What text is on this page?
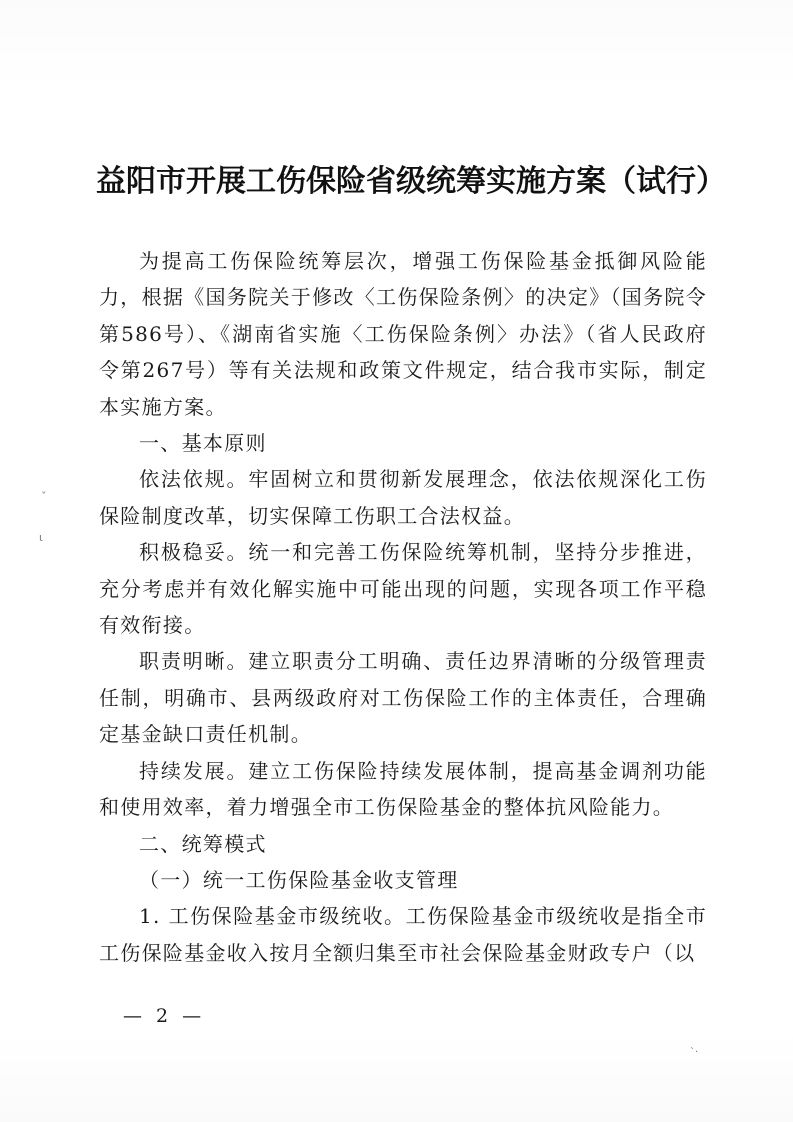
益阳市开展工伤保险省级统筹实施方案（试行）

为提高工伤保险统筹层次，增强工伤保险基金抵御风险能力，根据《国务院关于修改〈工伤保险条例〉的决定》（国务院令第586号）、《湖南省实施〈工伤保险条例〉办法》（省人民政府令第267号）等有关法规和政策文件规定，结合我市实际，制定本实施方案。

一、基本原则

依法依规。牢固树立和贯彻新发展理念，依法依规深化工伤保险制度改革，切实保障工伤职工合法权益。

积极稳妥。统一和完善工伤保险统筹机制，坚持分步推进，充分考虑并有效化解实施中可能出现的问题，实现各项工作平稳有效衔接。

职责明晰。建立职责分工明确、责任边界清晰的分级管理责任制，明确市、县两级政府对工伤保险工作的主体责任，合理确定基金缺口责任机制。

持续发展。建立工伤保险持续发展体制，提高基金调剂功能和使用效率，着力增强全市工伤保险基金的整体抗风险能力。

二、统筹模式

（一）统一工伤保险基金收支管理

1. 工伤保险基金市级统收。工伤保险基金市级统收是指全市工伤保险基金收入按月全额归集至市社会保险基金财政专户（以

— 2 —
ˇ
ɩ
ˋ·
